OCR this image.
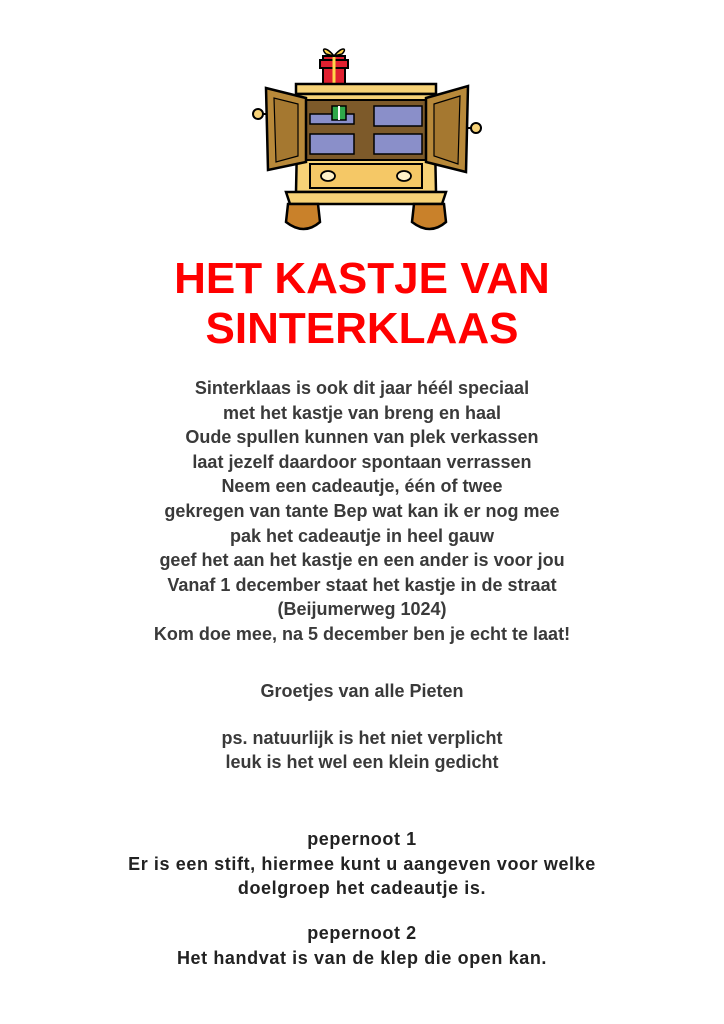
HET KASTJE VAN
SINTERKLAAS
Sinterklaas is ook dit jaar héél speciaal
met het kastje van breng en haal
Oude spullen kunnen van plek verkassen
laat jezelf daardoor spontaan verrassen
Neem een cadeautje, één of twee
gekregen van tante Bep wat kan ik er nog mee
pak het cadeautje in heel gauw
geef het aan het kastje en een ander is voor jou
Vanaf 1 december staat het kastje in de straat
(Beijumerweg 1024)
Kom doe mee, na 5 december ben je echt te laat!
Groetjes van alle Pieten
ps. natuurlijk is het niet verplicht
leuk is het wel een klein gedicht
pepernoot 1
Er is een stift, hiermee kunt u aangeven voor welke
doelgroep het cadeautje is.
pepernoot 2
Het handvat is van de klep die open kan.
